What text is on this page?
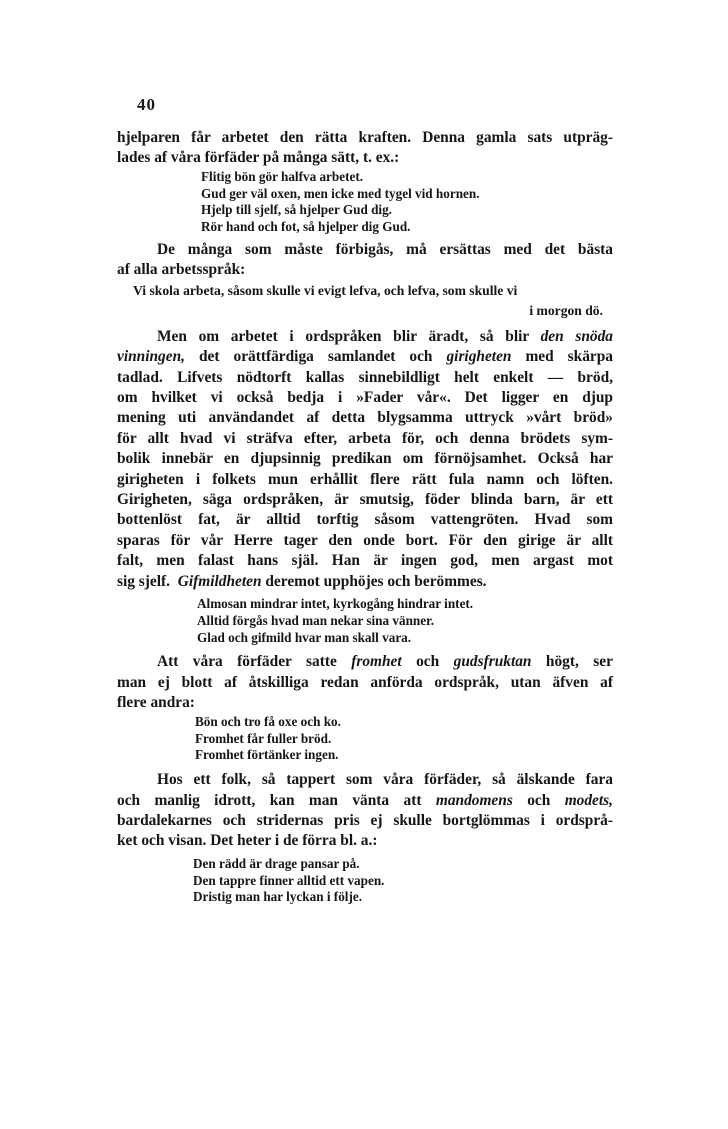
40
hjelparen får arbetet den rätta kraften. Denna gamla sats utpräg-
lades af våra förfäder på många sätt, t. ex.:
Flitig bön gör halfva arbetet.
Gud ger väl oxen, men icke med tygel vid hornen.
Hjelp till sjelf, så hjelper Gud dig.
Rör hand och fot, så hjelper dig Gud.
De många som måste förbigås, må ersättas med det bästa
af alla arbetsspråk:
Vi skola arbeta, såsom skulle vi evigt lefva, och lefva, som skulle vi
i morgon dö.
Men om arbetet i ordspråken blir äradt, så blir den snöda
vinningen, det orättfärdiga samlandet och girigheten med skärpa
tadlad. Lifvets nödtorft kallas sinnebildligt helt enkelt — bröd,
om hvilket vi också bedja i »Fader vår«. Det ligger en djup
mening uti användandet af detta blygsamma uttryck »vårt bröd»
för allt hvad vi sträfva efter, arbeta för, och denna brödets sym-
bolik innebär en djupsinnig predikan om förnöjsamhet. Också har
girigheten i folkets mun erhållit flere rätt fula namn och löften.
Girigheten, säga ordspråken, är smutsig, föder blinda barn, är ett
bottenlöst fat, är alltid torftig såsom vattengröten. Hvad som
sparas för vår Herre tager den onde bort. För den girige är allt
falt, men falast hans själ. Han är ingen god, men argast mot
sig sjelf. Gifmildheten deremot upphöjes och berömmes.
Almosan mindrar intet, kyrkogång hindrar intet.
Alltid förgås hvad man nekar sina vänner.
Glad och gifmild hvar man skall vara.
Att våra förfäder satte fromhet och gudsfruktan högt, ser
man ej blott af åtskilliga redan anförda ordspråk, utan äfven af
flere andra:
Bön och tro få oxe och ko.
Fromhet får fuller bröd.
Fromhet förtänker ingen.
Hos ett folk, så tappert som våra förfäder, så älskande fara
och manlig idrott, kan man vänta att mandomens och modets,
bardalekarnes och stridernas pris ej skulle bortglömmas i ordsprå-
ket och visan. Det heter i de förra bl. a.:
Den rädd är drage pansar på.
Den tappre finner alltid ett vapen.
Dristig man har lyckan i följe.
